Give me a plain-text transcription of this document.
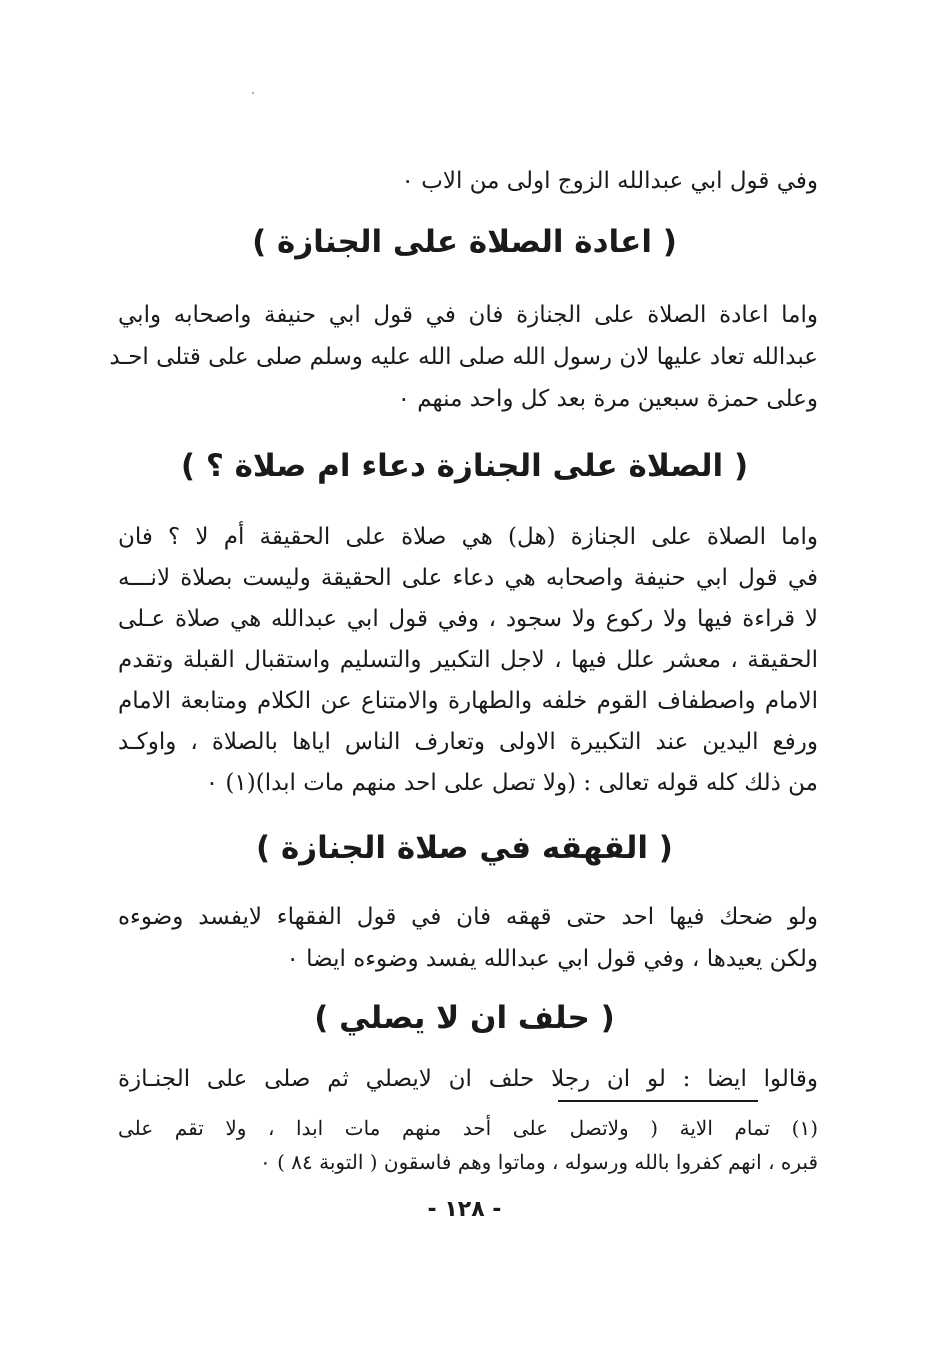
وفي قول ابي عبدالله الزوج اولى من الاب ٠
( اعادة الصلاة على الجنازة )
واما اعادة الصلاة على الجنازة فان في قول ابي حنيفة واصحابه وابي
عبدالله تعاد عليها لان رسول الله صلى الله عليه وسلم صلى على قتلى احـد
وعلى حمزة سبعين مرة بعد كل واحد منهم ٠
( الصلاة على الجنازة دعاء ام صلاة ؟ )
واما الصلاة على الجنازة (هل) هي صلاة على الحقيقة أم لا ؟ فان
في قول ابي حنيفة واصحابه هي دعاء على الحقيقة وليست بصلاة لانـــه
لا قراءة فيها ولا ركوع ولا سجود ، وفي قول ابي عبدالله هي صلاة عـلى
الحقيقة ، معشر علل فيها ، لاجل التكبير والتسليم واستقبال القبلة وتقدم
الامام واصطفاف القوم خلفه والطهارة والامتناع عن الكلام ومتابعة الامام
ورفع اليدين عند التكبيرة الاولى وتعارف الناس اياها بالصلاة ، واوكـد
من ذلك كله قوله تعالى : (ولا تصل على احد منهم مات ابدا)(١) ٠
( القهقه في صلاة الجنازة )
ولو ضحك فيها احد حتى قهقه فان في قول الفقهاء لايفسد وضوءه
ولكن يعيدها ، وفي قول ابي عبدالله يفسد وضوءه ايضا ٠
( حلف ان لا يصلي )
وقالوا ايضا : لو ان رجلا حلف ان لايصلي ثم صلى على الجنـازة
(١) تمام الاية ( ولاتصل على أحد منهم مات ابدا ، ولا تقم على
قبره ، انهم كفروا بالله ورسوله ، وماتوا وهم فاسقون ( التوبة ٨٤ ) ٠
- ١٢٨ -
